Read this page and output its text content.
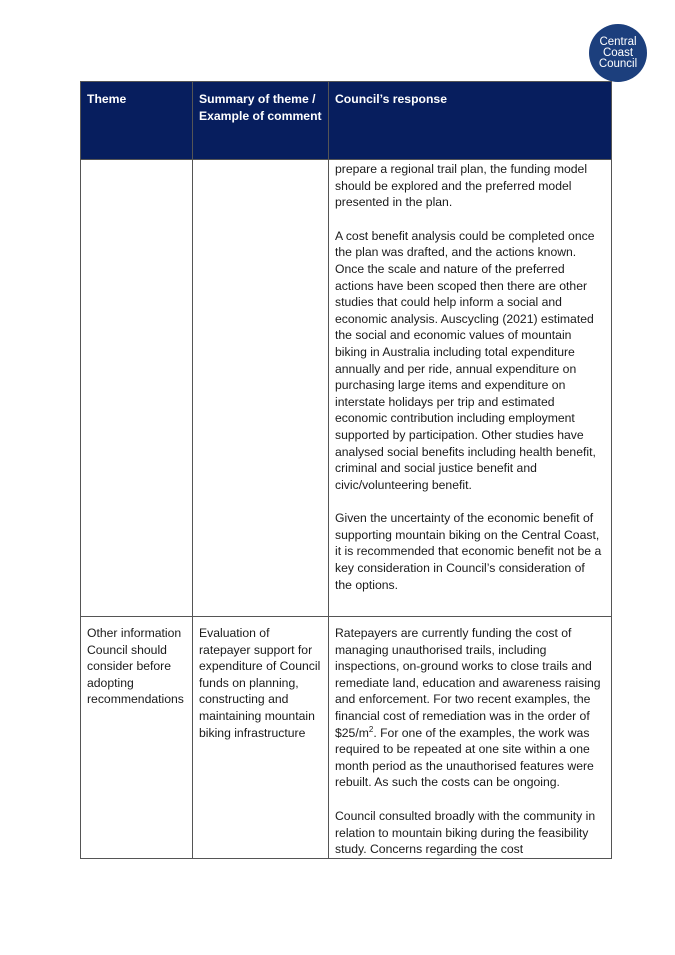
Central
Coast
Council
Theme	Summary of theme / Example of comment	Council’s response

		prepare a regional trail plan, the funding model should be explored and the preferred model presented in the plan.

A cost benefit analysis could be completed once the plan was drafted, and the actions known. Once the scale and nature of the preferred actions have been scoped then there are other studies that could help inform a social and economic analysis. Auscycling (2021) estimated the social and economic values of mountain biking in Australia including total expenditure annually and per ride, annual expenditure on purchasing large items and expenditure on interstate holidays per trip and estimated economic contribution including employment supported by participation. Other studies have analysed social benefits including health benefit, criminal and social justice benefit and civic/volunteering benefit.

Given the uncertainty of the economic benefit of supporting mountain biking on the Central Coast, it is recommended that economic benefit not be a key consideration in Council’s consideration of the options.

Other information Council should consider before adopting recommendations	Evaluation of ratepayer support for expenditure of Council funds on planning, constructing and maintaining mountain biking infrastructure	Ratepayers are currently funding the cost of managing unauthorised trails, including inspections, on-ground works to close trails and remediate land, education and awareness raising and enforcement. For two recent examples, the financial cost of remediation was in the order of $\$25/m^2$. For one of the examples, the work was required to be repeated at one site within a one month period as the unauthorised features were rebuilt. As such the costs can be ongoing.

Council consulted broadly with the community in relation to mountain biking during the feasibility study. Concerns regarding the cost
